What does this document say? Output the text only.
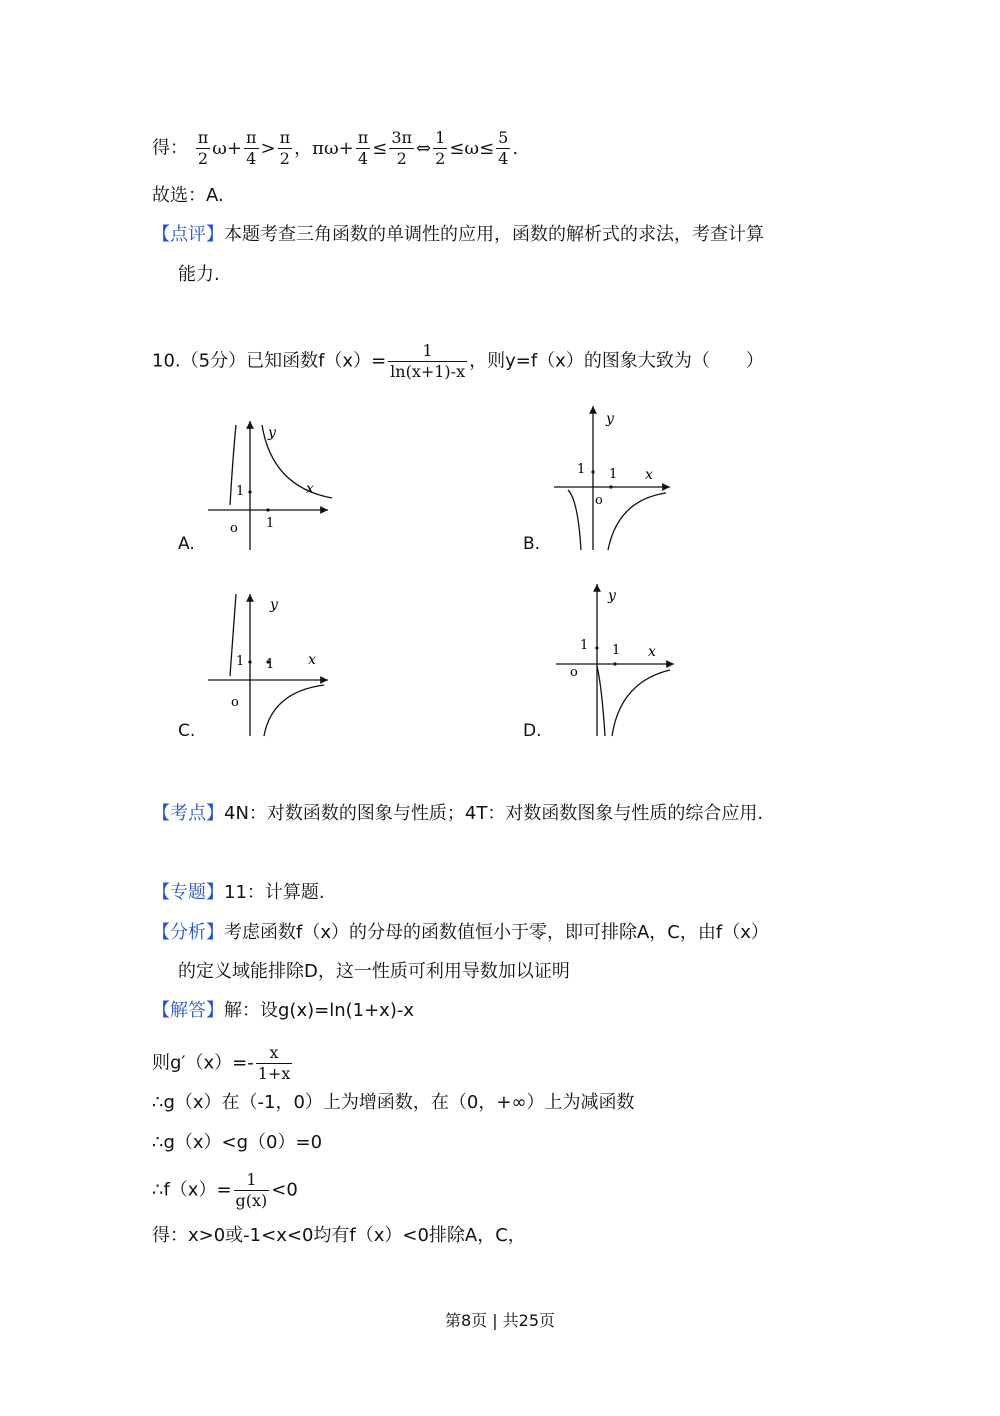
得： $\frac{\pi}{2} \omega+ \frac{\pi}{4} > \frac{\pi}{2}$ ，$\pi\omega+ \frac{\pi}{4} \le \frac{3\pi}{2}$ ⇔ $\frac{1}{2} \le\omega\le \frac{5}{4}$ .
故选：A.
【点评】本题考查三角函数的单调性的应用，函数的解析式的求法，考查计算
能力.
10.（5分）已知函数$f(x)= \frac{1}{\ln(x+1)-x}$ ，则y=f（x）的图象大致为（　　）
y
x
1
1
o
A.
y
x
1 1
o
B.
y
x
1 1
o
C.
y
x
1 1
o
D.
【考点】4N：对数函数的图象与性质；4T：对数函数图象与性质的综合应用.
【专题】11：计算题.
【分析】考虑函数f（x）的分母的函数值恒小于零，即可排除A，C，由f（x）
的定义域能排除D，这一性质可利用导数加以证明
【解答】解：设g(x)=ln(1+x)-x
则$g'(x)=- \frac{x}{1+x}$
∴g（x）在（-1，0）上为增函数，在（0，+∞）上为减函数
∴g（x）<g（0）=0
∴f（x）= $\frac{1}{g(x)} <0$
得：x>0或-1<x<0均有f（x）<0排除A，C，
第8页 | 共25页
